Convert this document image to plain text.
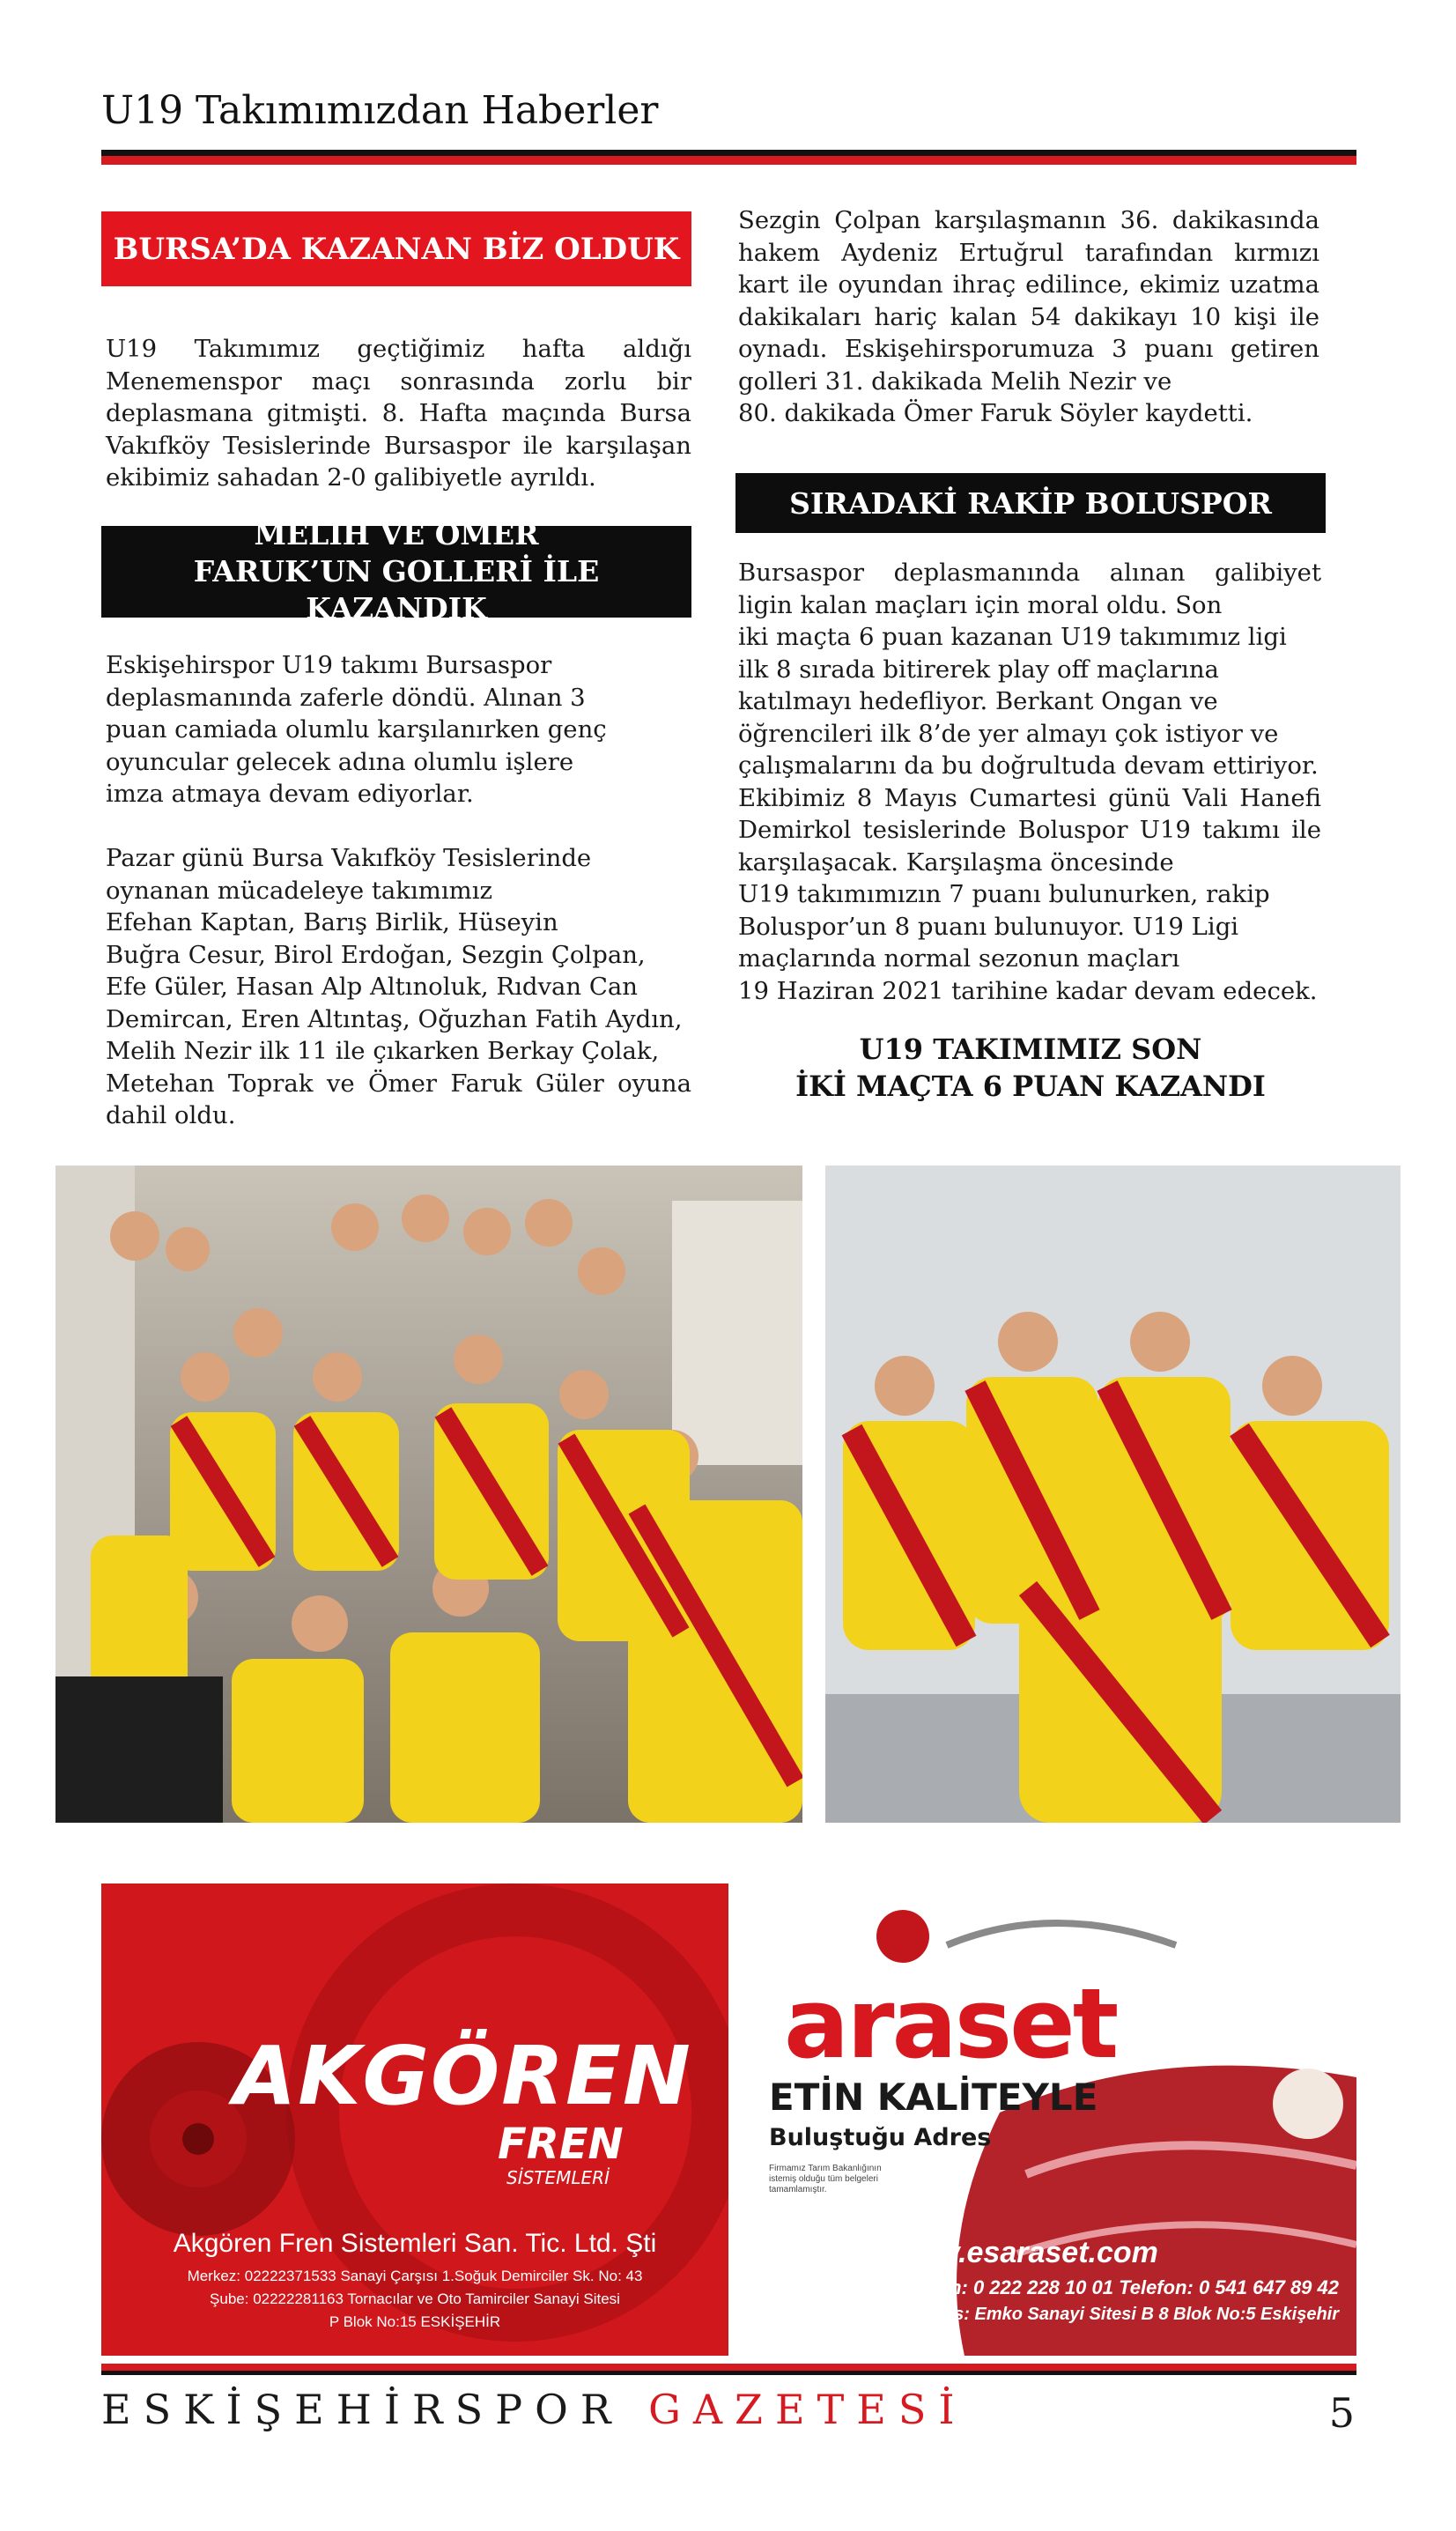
U19 Takımımızdan Haberler
BURSA’DA KAZANAN BİZ OLDUK

U19 Takımımız geçtiğimiz hafta aldığı Menemenspor maçı sonrasında zorlu bir deplasmana gitmişti. 8. Hafta maçında Bursa Vakıfköy Tesislerinde Bursaspor ile karşılaşan ekibimiz sahadan 2-0 galibiyetle ayrıldı.

MELİH VE ÖMER
FARUK’UN GOLLERİ İLE KAZANDIK
Eskişehirspor U19 takımı Bursaspor
deplasmanında zaferle döndü. Alınan 3
puan camiada olumlu karşılanırken genç
oyuncular gelecek adına olumlu işlere
imza atmaya devam ediyorlar.
Pazar günü Bursa Vakıfköy Tesislerinde
oynanan mücadeleye takımımız
Efehan Kaptan, Barış Birlik, Hüseyin
Buğra Cesur, Birol Erdoğan, Sezgin Çolpan,
Efe Güler, Hasan Alp Altınoluk, Rıdvan Can
Demircan, Eren Altıntaş, Oğuzhan Fatih Aydın,
Melih Nezir ilk 11 ile çıkarken Berkay Çolak,
Metehan Toprak ve Ömer Faruk Güler oyuna
dahil oldu.

Sezgin Çolpan karşılaşmanın 36. dakikasında hakem Aydeniz Ertuğrul tarafından kırmızı kart ile oyundan ihraç edilince, ekimiz uzatma dakikaları hariç kalan 54 dakikayı 10 kişi ile oynadı. Eskişehirsporumuza 3 puanı getiren golleri 31. dakikada Melih Nezir ve

80. dakikada Ömer Faruk Söyler kaydetti.
SIRADAKİ RAKİP BOLUSPOR
Bursaspor deplasmanında alınan galibiyet
ligin kalan maçları için moral oldu. Son
iki maçta 6 puan kazanan U19 takımımız ligi
ilk 8 sırada bitirerek play off maçlarına
katılmayı hedefliyor. Berkant Ongan ve
öğrencileri ilk 8’de yer almayı çok istiyor ve
çalışmalarını da bu doğrultuda devam ettiriyor.
Ekibimiz 8 Mayıs Cumartesi günü Vali Hanefi
Demirkol tesislerinde Boluspor U19 takımı ile
karşılaşacak. Karşılaşma öncesinde
U19 takımımızın 7 puanı bulunurken, rakip
Boluspor’un 8 puanı bulunuyor. U19 Ligi
maçlarında normal sezonun maçları
19 Haziran 2021 tarihine kadar devam edecek.
U19 TAKIMIMIZ SON
İKİ MAÇTA 6 PUAN KAZANDI
AKGÖREN
FREN
SİSTEMLERİ
Akgören Fren Sistemleri San. Tic. Ltd. Şti
Merkez: 02222371533 Sanayi Çarşısı 1.Soğuk Demirciler Sk. No: 43
Şube: 02222281163 Tornacılar ve Oto Tamirciler Sanayi Sitesi
P Blok No:15 ESKİŞEHİR
araset
ETİN KALİTEYLE
Buluştuğu Adres
Firmamız Tarım Bakanlığının istemiş olduğu tüm belgeleri tamamlamıştır.
www.esaraset.com
Telefon: 0 222 228 10 01 Telefon: 0 541 647 89 42
Adres: Emko Sanayi Sitesi B 8 Blok No:5 Eskişehir
ESKİŞEHİRSPOR GAZETESİ	5
